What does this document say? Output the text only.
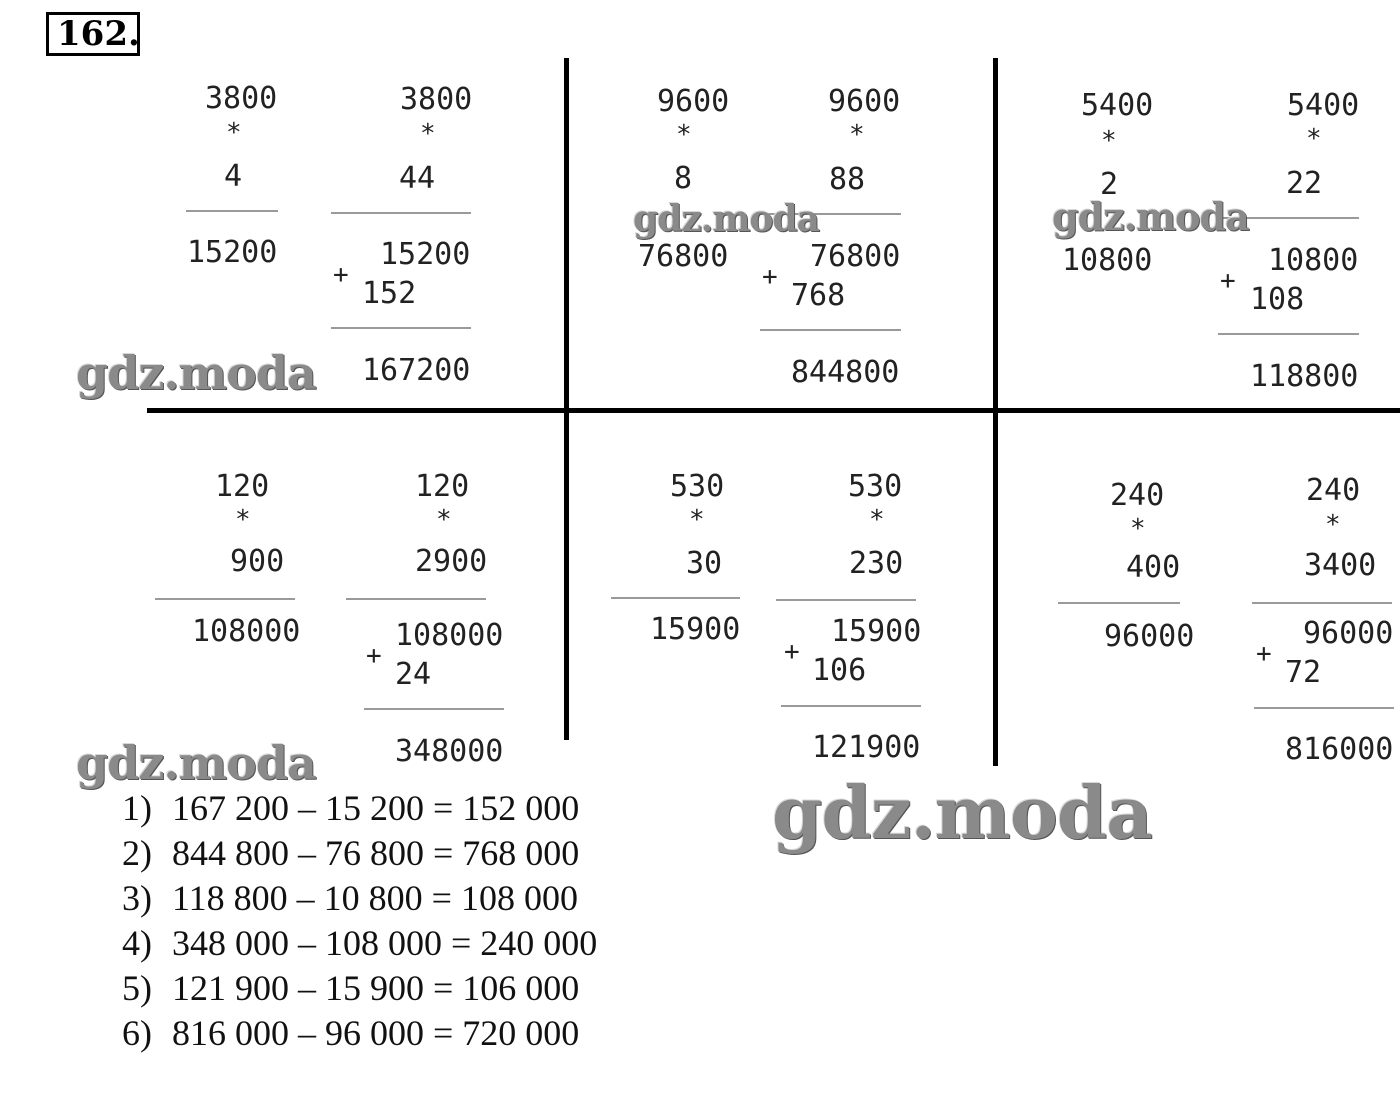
162.
3800
*
4
15200
3800
*
44
15200
+
152
167200
9600
*
8
76800
9600
*
88
76800
+
768
844800
5400
*
2
10800
5400
*
22
10800
+
108
118800
120
*
900
108000
120
*
2900
108000
+
24
348000
530
*
30
15900
530
*
230
15900
+
106
121900
240
*
400
96000
240
*
3400
96000
+
72
816000
gdz.moda
gdz.moda	gdz.moda
gdz.moda
gdz.moda
1) 167 200 – 15 200 = 152 000
2) 844 800 – 76 800 = 768 000
3) 118 800 – 10 800 = 108 000
4) 348 000 – 108 000 = 240 000
5) 121 900 – 15 900 = 106 000
6) 816 000 – 96 000 = 720 000
